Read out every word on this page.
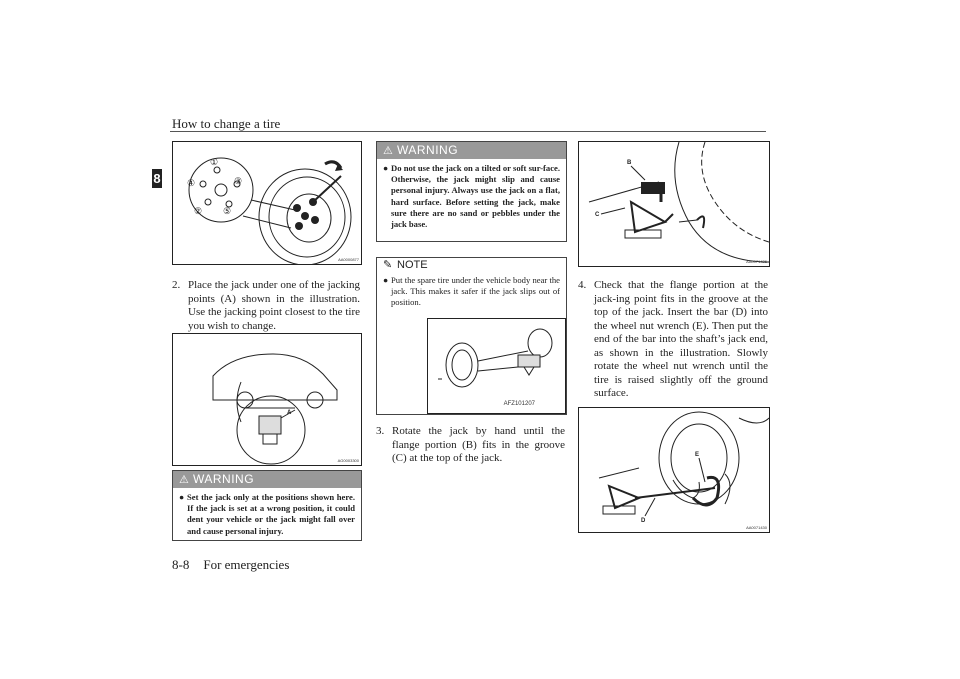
How to change a tire
8
①
④
② ⑤
③
AA0000877
2. Place the jack under one of the jacking points (A) shown in the illustration. Use the jacking point closest to the tire you wish to change.
A
AG0003300
⚠ WARNING

● Set the jack only at the positions shown here. If the jack is set at a wrong position, it could dent your vehicle or the jack might fall over and cause personal injury.

⚠ WARNING

● Do not use the jack on a tilted or soft sur-face. Otherwise, the jack might slip and cause personal injury. Always use the jack on a flat, hard surface. Before setting the jack, make sure there are no sand or pebbles under the jack base.

✎ NOTE

● Put the spare tire under the vehicle body near the jack. This makes it safer if the jack slips out of position.

AFZ101207
3. Rotate the jack by hand until the flange portion (B) fits in the groove (C) at the top of the jack.
B
C
AA0071426
4. Check that the flange portion at the jack-ing point fits in the groove at the top of the jack. Insert the bar (D) into the wheel nut wrench (E). Then put the end of the bar into the shaft’s jack end, as shown in the illustration. Slowly rotate the wheel nut wrench until the tire is raised slightly off the ground surface.
E
D
AA0071430
8-8 For emergencies
